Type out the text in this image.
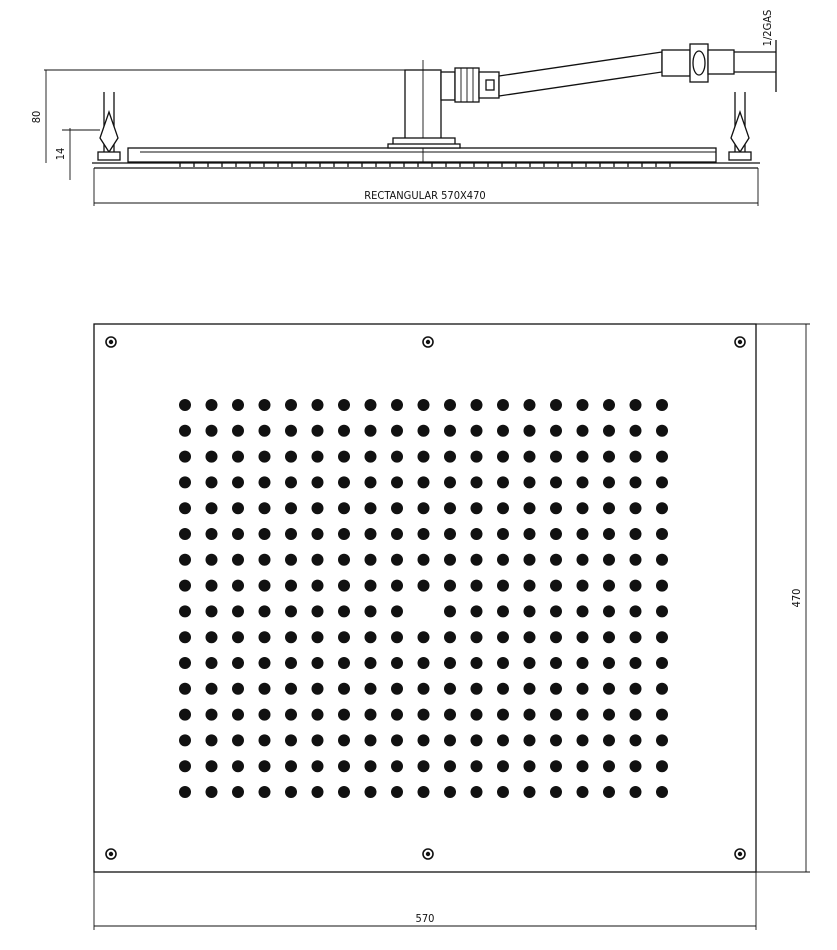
80
14
1/2GAS
RECTANGULAR 570X470
470
570
